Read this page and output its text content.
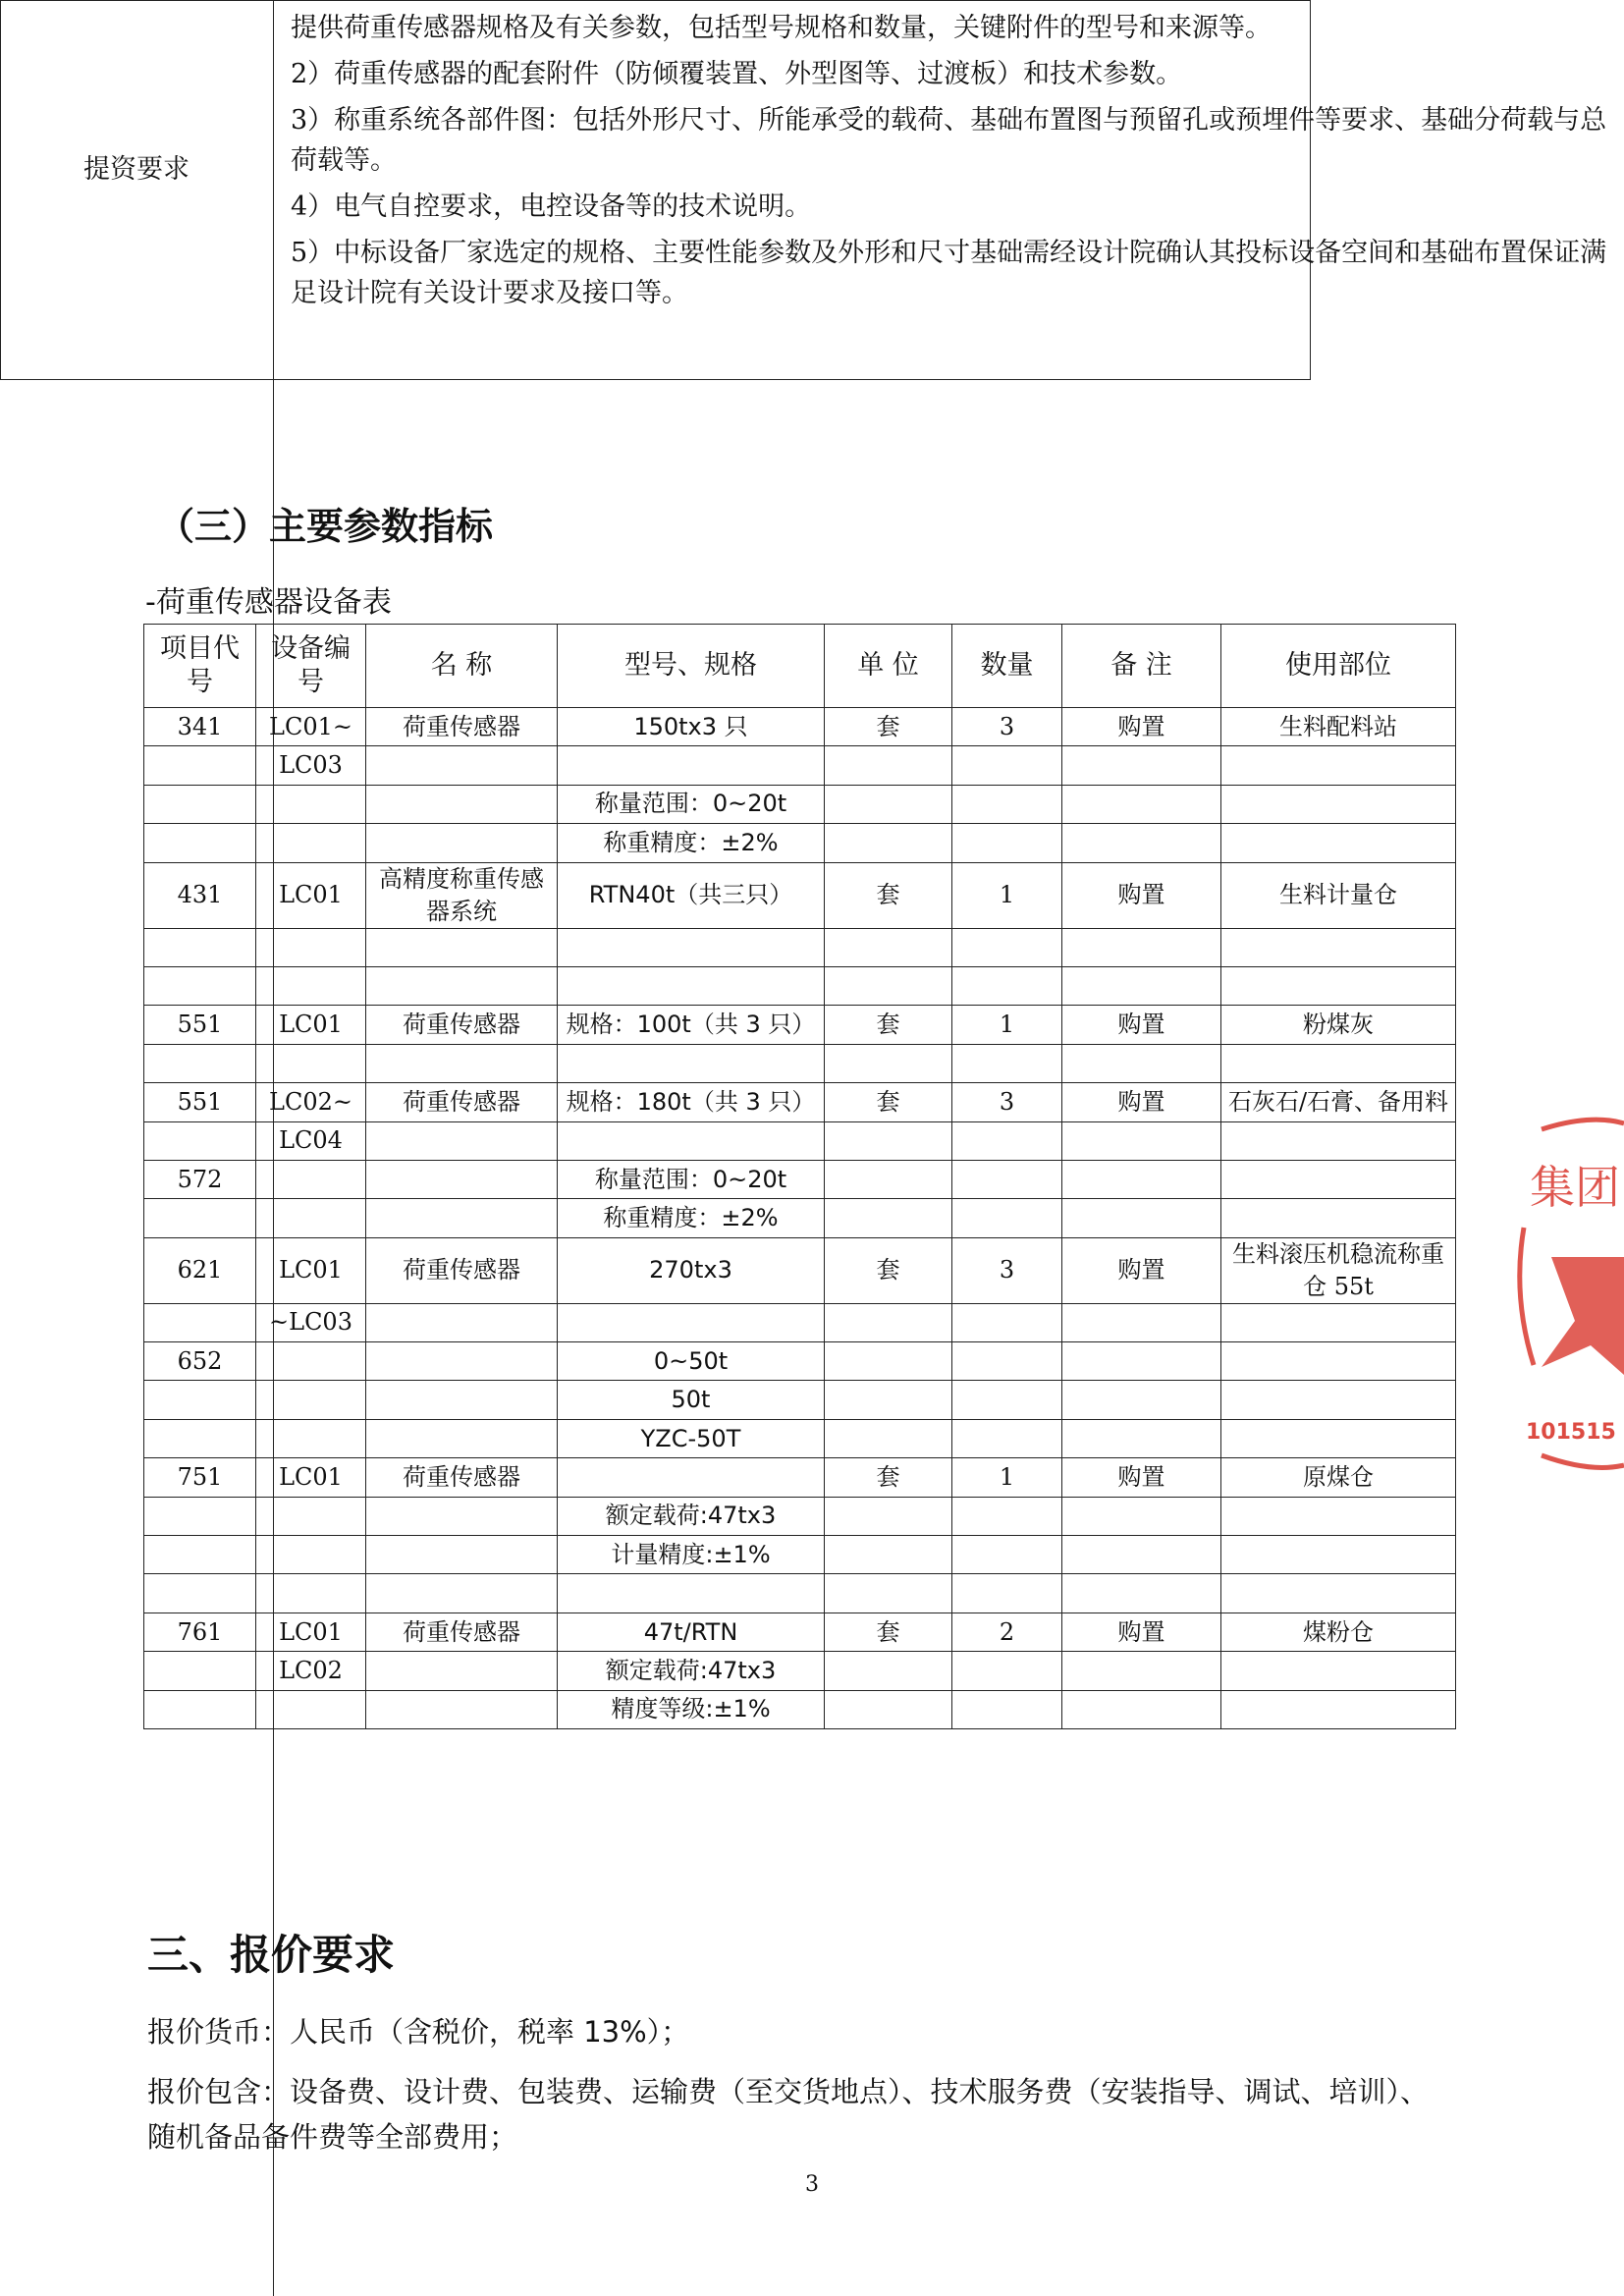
提资要求

提供荷重传感器规格及有关参数，包括型号规格和数量，关键附件的型号和来源等。

2）荷重传感器的配套附件（防倾覆装置、外型图等、过渡板）和技术参数。

3）称重系统各部件图：包括外形尺寸、所能承受的载荷、基础布置图与预留孔或预埋件等要求、基础分荷载与总荷载等。

4）电气自控要求，电控设备等的技术说明。

5）中标设备厂家选定的规格、主要性能参数及外形和尺寸基础需经设计院确认其投标设备空间和基础布置保证满足设计院有关设计要求及接口等。

（三）主要参数指标
-荷重传感器设备表
项目代号	设备编号	名 称	型号、规格	单 位	数量	备 注	使用部位
341	LC01~	荷重传感器	150tx3 只	套	3	购置	生料配料站
	LC03						
			称量范围：0~20t				
			称重精度：±2%				
431	LC01	高精度称重传感器系统	RTN40t（共三只）	套	1	购置	生料计量仓

551	LC01	荷重传感器	规格：100t（共 3 只）	套	1	购置	粉煤灰

551	LC02~	荷重传感器	规格：180t（共 3 只）	套	3	购置	石灰石/石膏、备用料
	LC04						
572			称量范围：0~20t				
			称重精度：±2%				
621	LC01	荷重传感器	270tx3	套	3	购置	生料滚压机稳流称重仓 55t
	~LC03						
652			0~50t				
			50t				
			YZC-50T				
751	LC01	荷重传感器		套	1	购置	原煤仓
			额定载荷:47tx3				
			计量精度:±1%				

761	LC01	荷重传感器	47t/RTN	套	2	购置	煤粉仓
	LC02		额定载荷:47tx3				
			精度等级:±1%				
三、报价要求
报价货币：人民币（含税价，税率 13%）；
报价包含：设备费、设计费、包装费、运输费（至交货地点）、技术服务费（安装指导、调试、培训）、随机备品备件费等全部费用；
3
集团
101515
